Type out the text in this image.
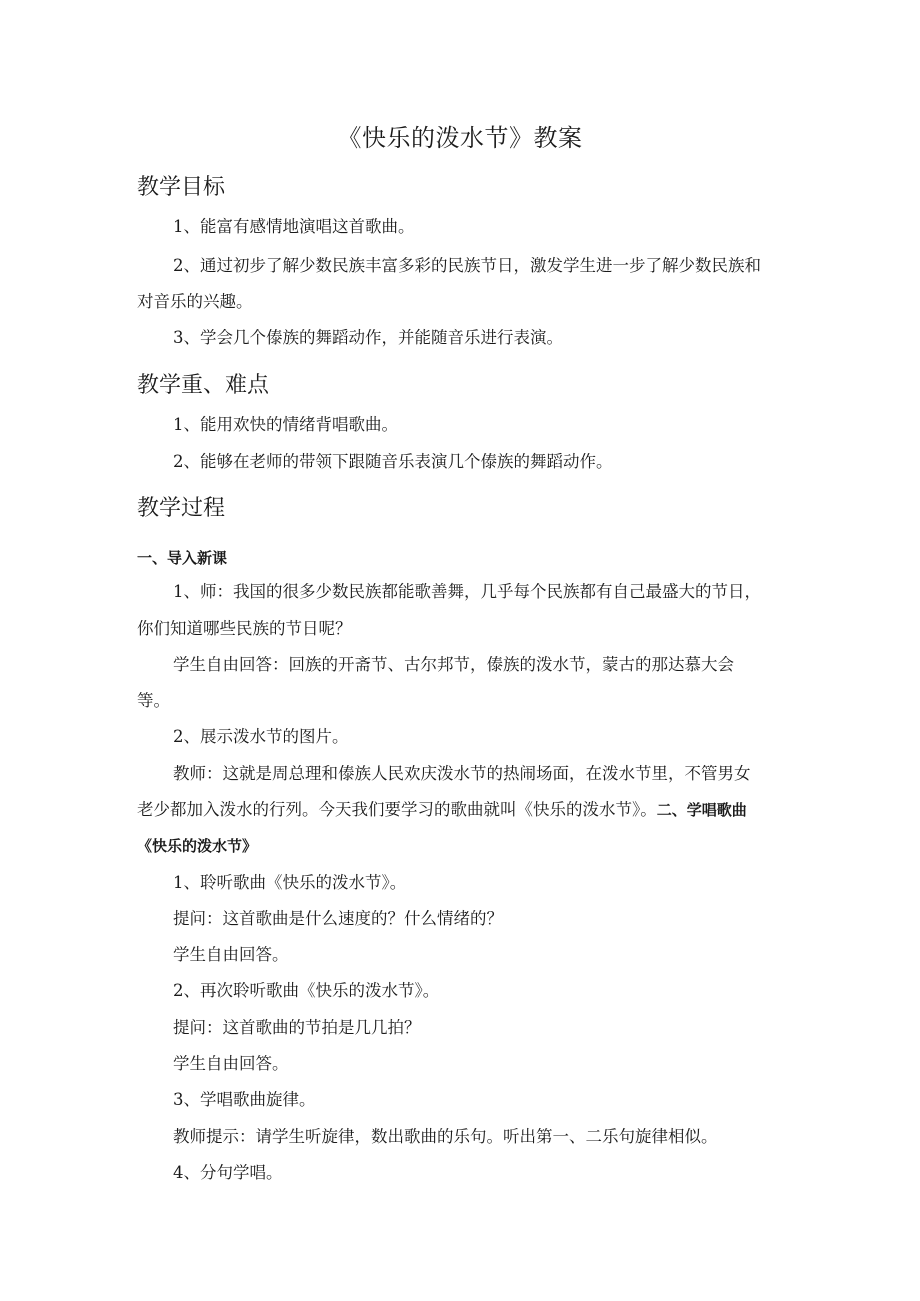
《快乐的泼水节》教案
教学目标
1、能富有感情地演唱这首歌曲。
2、通过初步了解少数民族丰富多彩的民族节日，激发学生进一步了解少数民族和
对音乐的兴趣。
3、学会几个傣族的舞蹈动作，并能随音乐进行表演。
教学重、难点
1、能用欢快的情绪背唱歌曲。
2、能够在老师的带领下跟随音乐表演几个傣族的舞蹈动作。
教学过程
一、导入新课
1、师：我国的很多少数民族都能歌善舞，几乎每个民族都有自己最盛大的节日，
你们知道哪些民族的节日呢？
学生自由回答：回族的开斋节、古尔邦节，傣族的泼水节，蒙古的那达慕大会
等。
2、展示泼水节的图片。
教师：这就是周总理和傣族人民欢庆泼水节的热闹场面，在泼水节里，不管男女
老少都加入泼水的行列。今天我们要学习的歌曲就叫《快乐的泼水节》。二、学唱歌曲
《快乐的泼水节》
1、聆听歌曲《快乐的泼水节》。
提问：这首歌曲是什么速度的？什么情绪的？
学生自由回答。
2、再次聆听歌曲《快乐的泼水节》。
提问：这首歌曲的节拍是几几拍？
学生自由回答。
3、学唱歌曲旋律。
教师提示：请学生听旋律，数出歌曲的乐句。听出第一、二乐句旋律相似。
4、分句学唱。
